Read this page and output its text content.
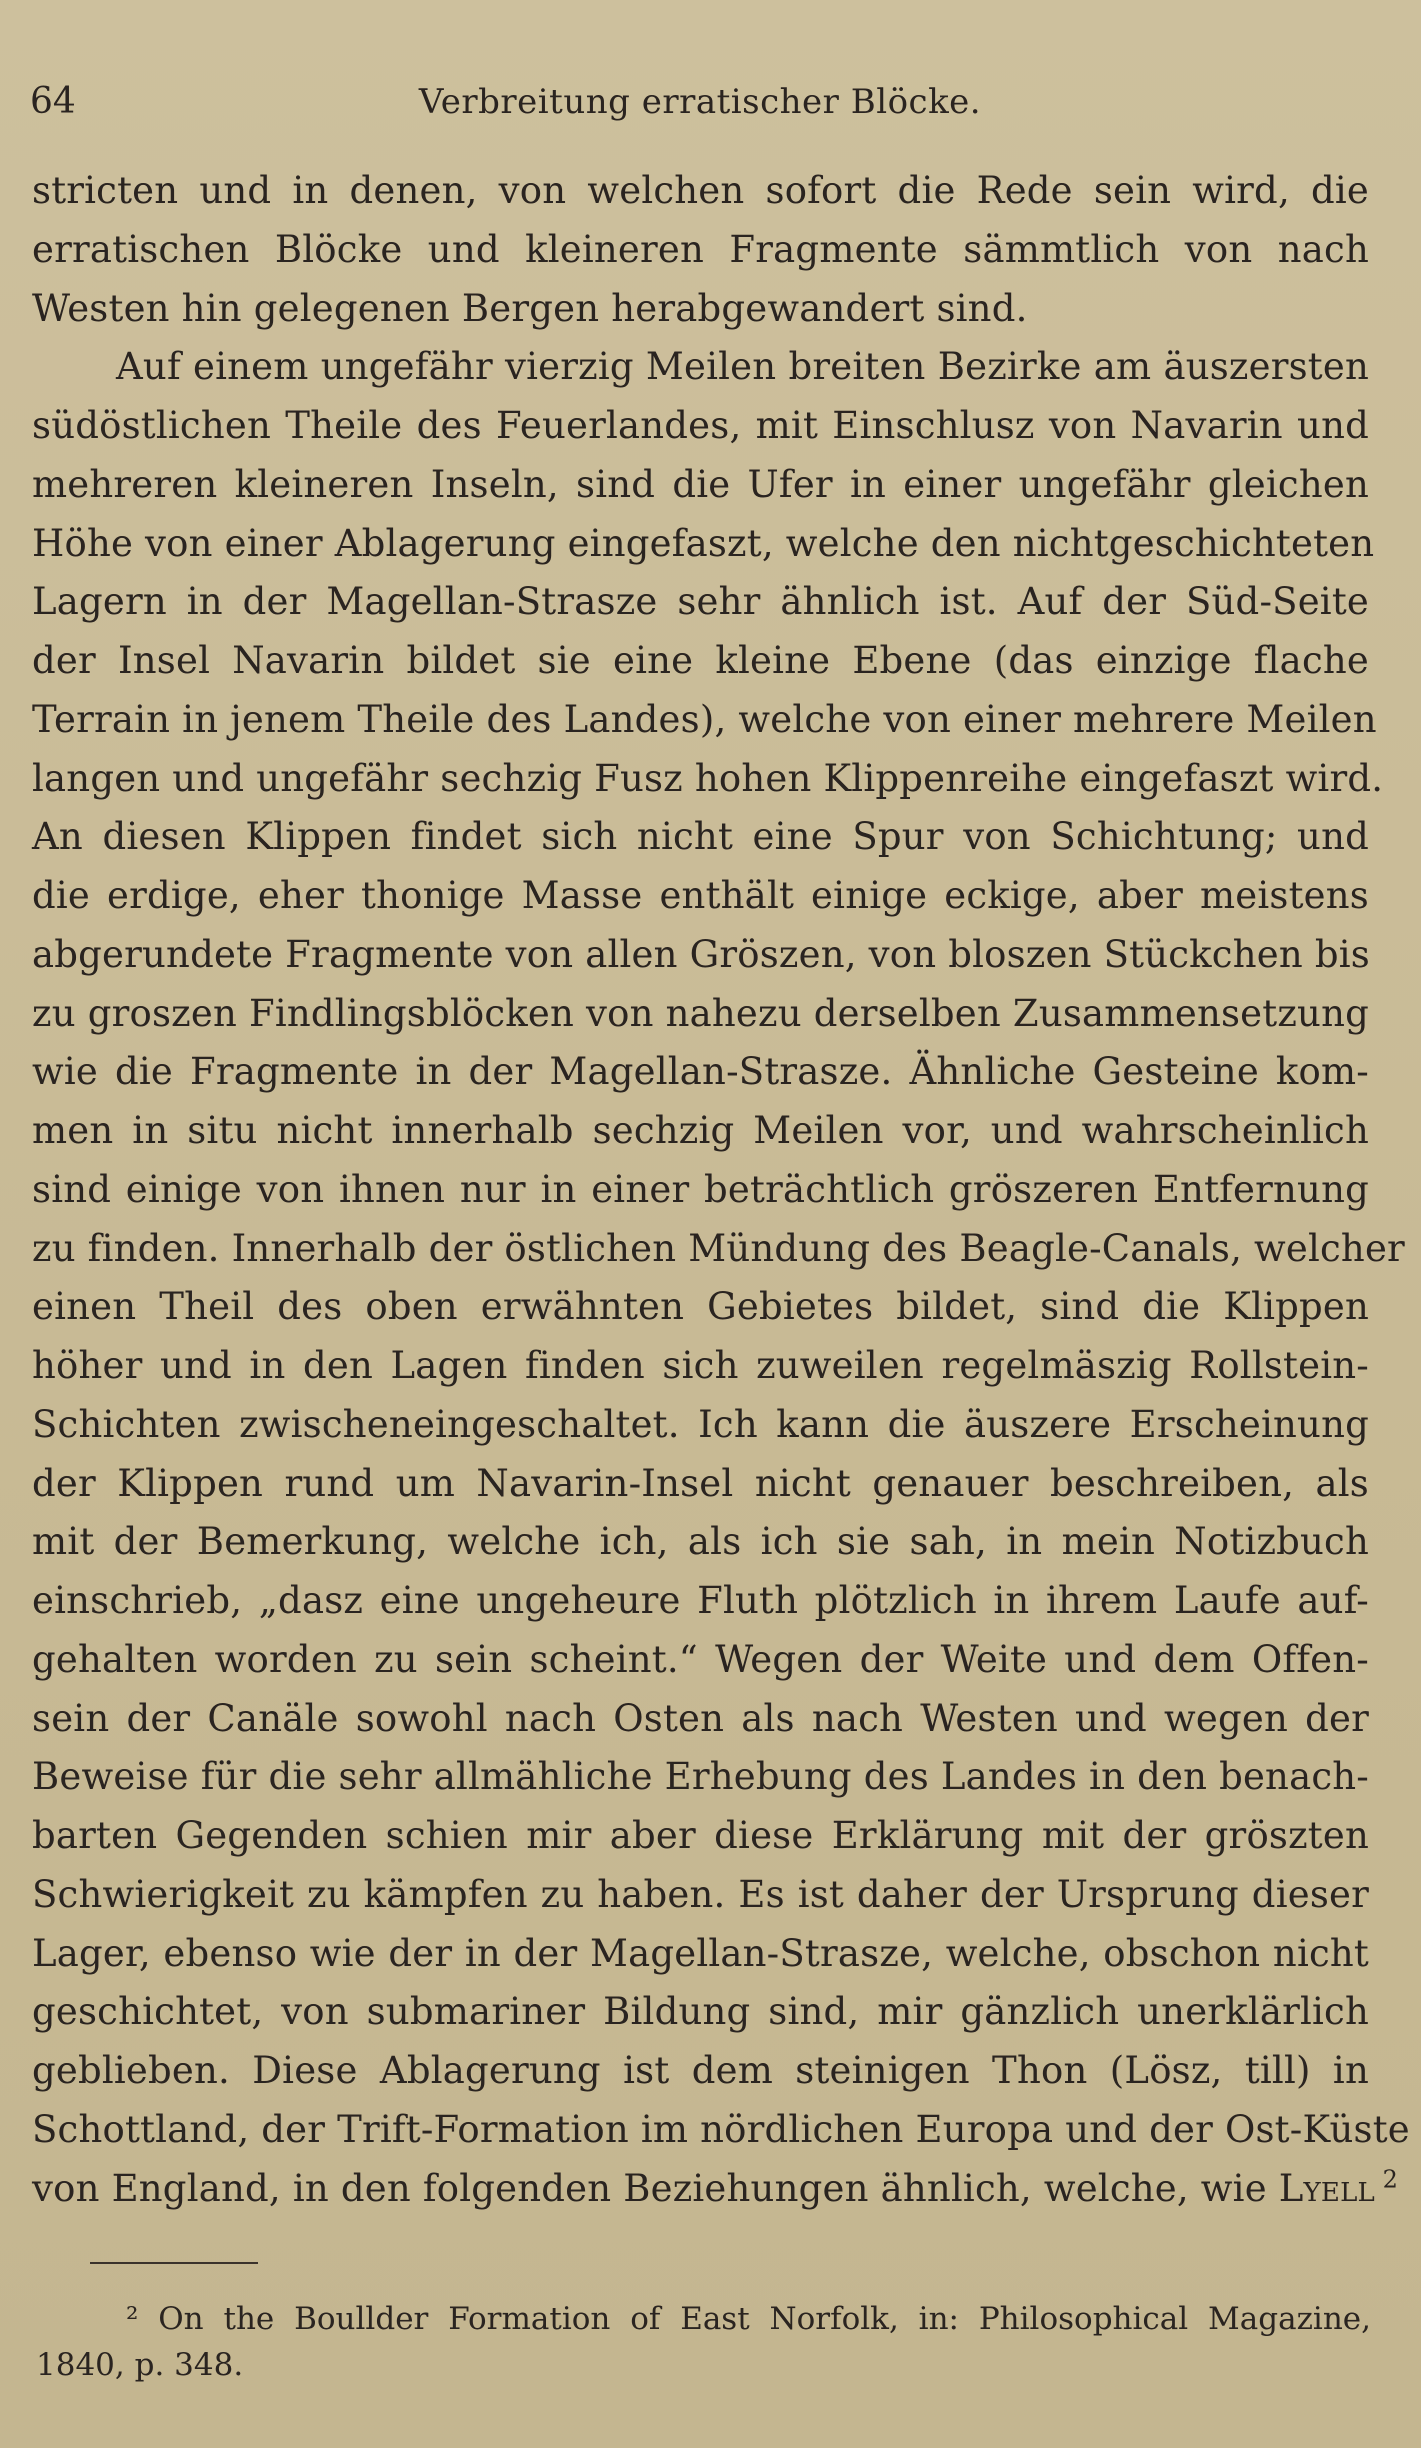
Verbreitung erratischer Blöcke.
64
stricten und in denen, von welchen sofort die Rede sein wird, die
erratischen Blöcke und kleineren Fragmente sämmtlich von nach
Westen hin gelegenen Bergen herabgewandert sind.
Auf einem ungefähr vierzig Meilen breiten Bezirke am äuszersten
südöstlichen Theile des Feuerlandes, mit Einschlusz von Navarin und
mehreren kleineren Inseln, sind die Ufer in einer ungefähr gleichen
Höhe von einer Ablagerung eingefaszt, welche den nichtgeschichteten
Lagern in der Magellan-Strasze sehr ähnlich ist. Auf der Süd-Seite
der Insel Navarin bildet sie eine kleine Ebene (das einzige flache
Terrain in jenem Theile des Landes), welche von einer mehrere Meilen
langen und ungefähr sechzig Fusz hohen Klippenreihe eingefaszt wird.
An diesen Klippen findet sich nicht eine Spur von Schichtung; und
die erdige, eher thonige Masse enthält einige eckige, aber meistens
abgerundete Fragmente von allen Gröszen, von bloszen Stückchen bis
zu groszen Findlingsblöcken von nahezu derselben Zusammensetzung
wie die Fragmente in der Magellan-Strasze. Ähnliche Gesteine kom-
men in situ nicht innerhalb sechzig Meilen vor, und wahrscheinlich
sind einige von ihnen nur in einer beträchtlich gröszeren Entfernung
zu finden. Innerhalb der östlichen Mündung des Beagle-Canals, welcher
einen Theil des oben erwähnten Gebietes bildet, sind die Klippen
höher und in den Lagen finden sich zuweilen regelmäszig Rollstein-
Schichten zwischeneingeschaltet. Ich kann die äuszere Erscheinung
der Klippen rund um Navarin-Insel nicht genauer beschreiben, als
mit der Bemerkung, welche ich, als ich sie sah, in mein Notizbuch
einschrieb, „dasz eine ungeheure Fluth plötzlich in ihrem Laufe auf-
gehalten worden zu sein scheint.“ Wegen der Weite und dem Offen-
sein der Canäle sowohl nach Osten als nach Westen und wegen der
Beweise für die sehr allmähliche Erhebung des Landes in den benach-
barten Gegenden schien mir aber diese Erklärung mit der gröszten
Schwierigkeit zu kämpfen zu haben. Es ist daher der Ursprung dieser
Lager, ebenso wie der in der Magellan-Strasze, welche, obschon nicht
geschichtet, von submariner Bildung sind, mir gänzlich unerklärlich
geblieben. Diese Ablagerung ist dem steinigen Thon (Lösz, till) in
Schottland, der Trift-Formation im nördlichen Europa und der Ost-Küste
von England, in den folgenden Beziehungen ähnlich, welche, wie Lyell  $^2$
² On the Boullder Formation of East Norfolk, in: Philosophical Magazine,
1840, p. 348.
